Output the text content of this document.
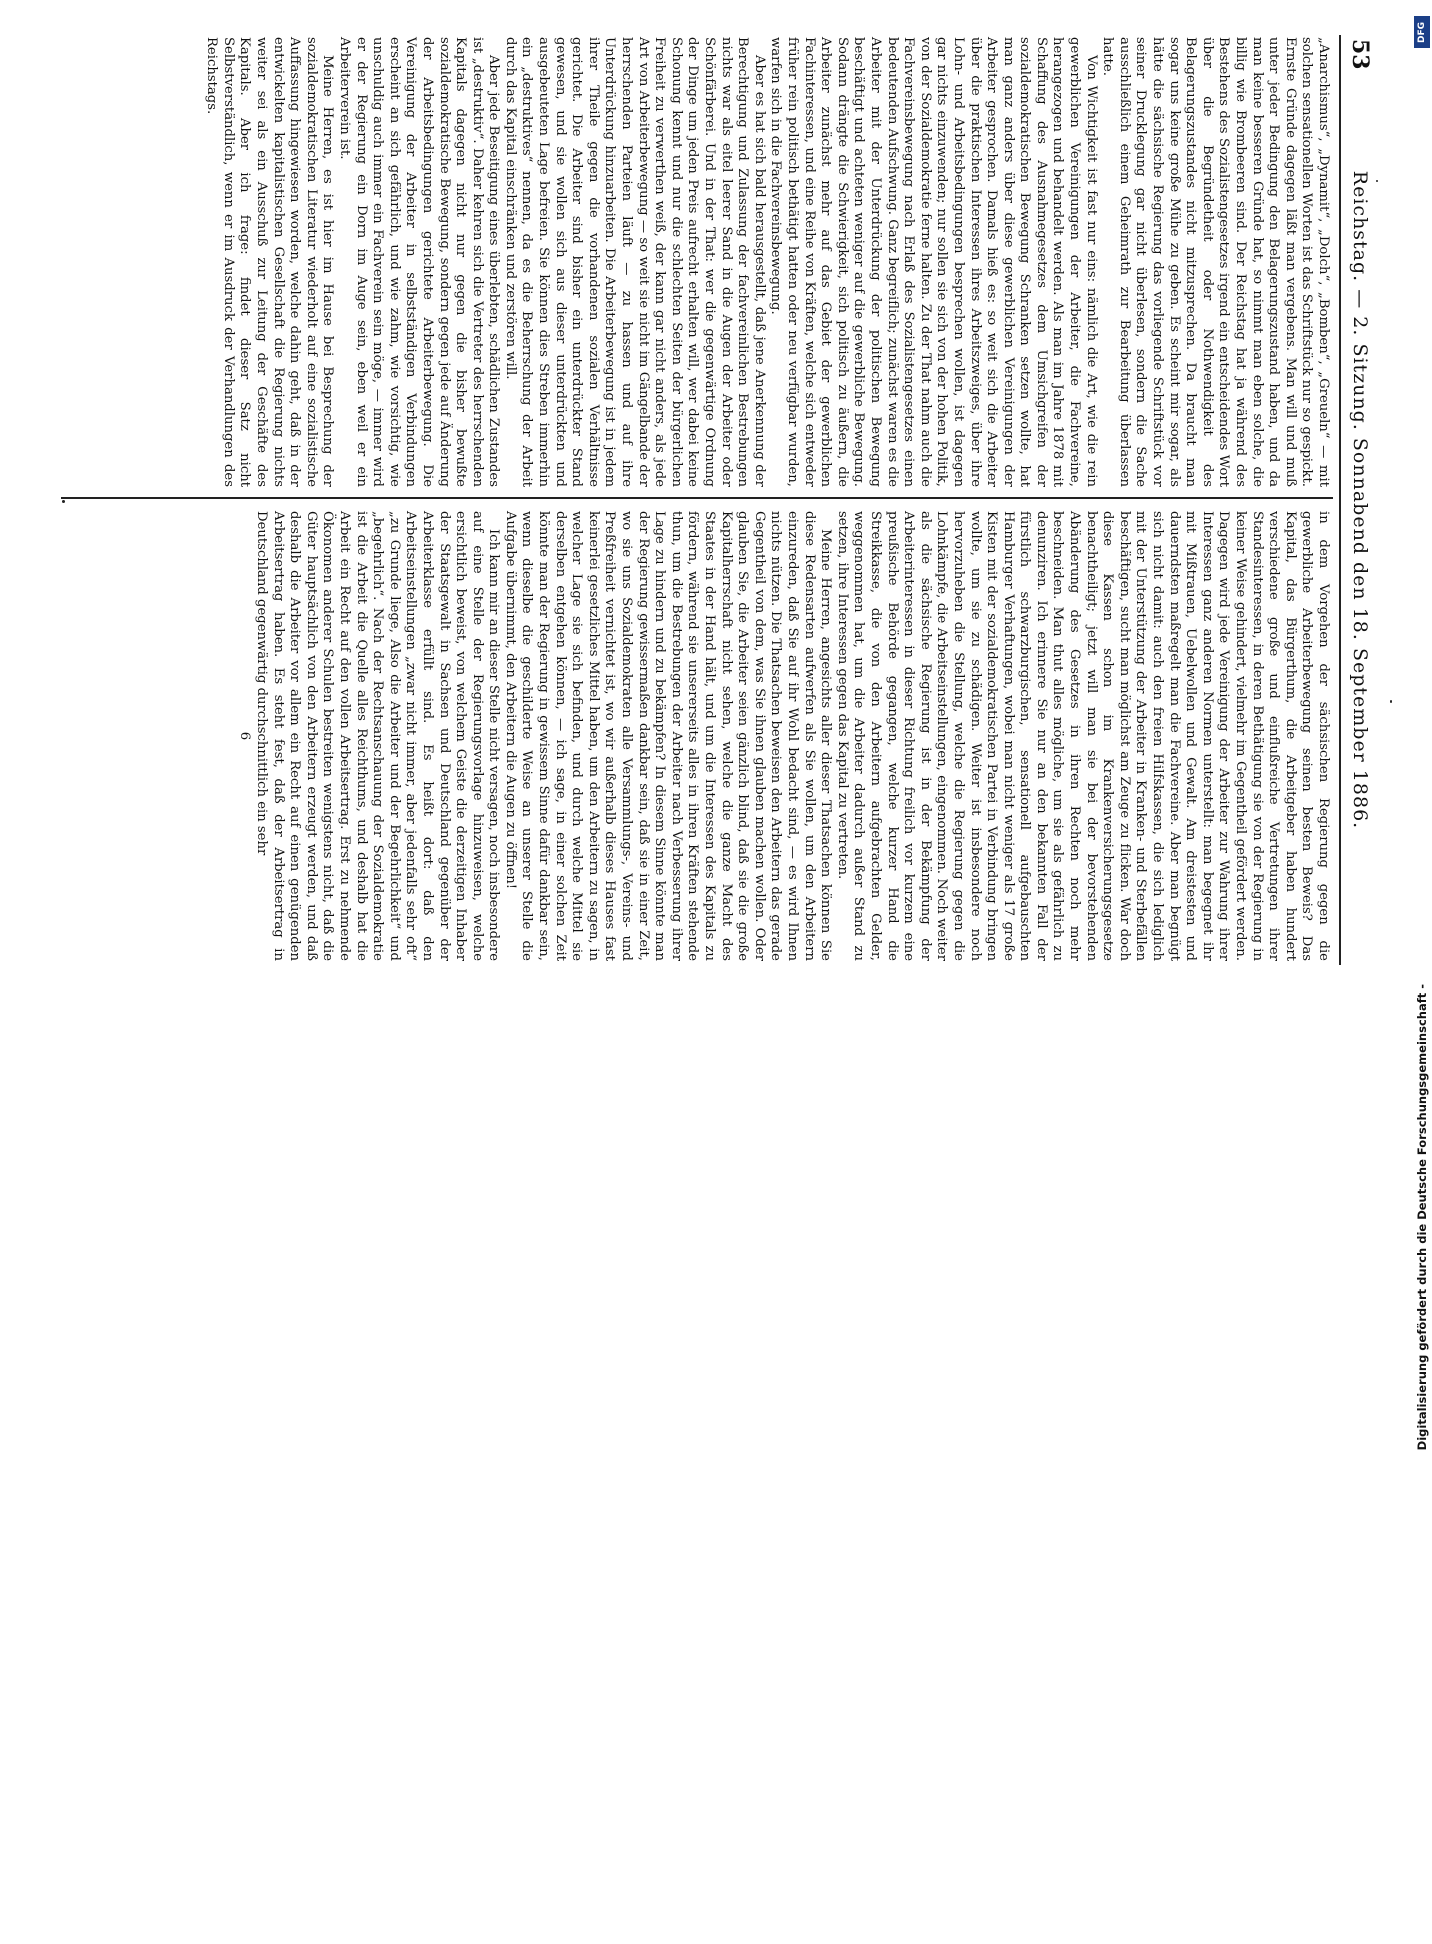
53
Reichstag. — 2. Sitzung. Sonnabend den 18. September 1886.

„Anarchismus“, „Dynamit“, „Dolch“, „Bomben“, „Greueln“ — mit solchen sensationellen Worten ist das Schriftstück nur so gespickt. Ernste Gründe dagegen läßt man vergebens. Man will und muß unter jeder Bedingung den Belagerungszustand haben, und da man keine besseren Gründe hat, so nimmt man eben solche, die billig wie Brombeeren sind. Der Reichstag hat ja während des Bestehens des Sozialistengesetzes irgend ein entscheidendes Wort über die Begründetheit oder Nothwendigkeit des Belagerungszustandes nicht mitzusprechen. Da braucht man sogar uns keine große Mühe zu geben. Es scheint mir sogar, als hätte die sächsische Regierung das vorliegende Schriftstück vor seiner Drucklegung gar nicht überlesen, sondern die Sache ausschließlich einem Geheimrath zur Bearbeitung überlassen hatte.

Von Wichtigkeit ist fast nur eins: nämlich die Art, wie die rein gewerblichen Vereinigungen der Arbeiter, die Fachvereine, herangezogen und behandelt werden. Als man im Jahre 1878 mit Schaffung des Ausnahmegesetzes dem Umsichgreifen der sozialdemokratischen Bewegung Schranken setzen wollte, hat man ganz anders über diese gewerblichen Vereinigungen der Arbeiter gesprochen. Damals hieß es: so weit sich die Arbeiter über die praktischen Interessen ihres Arbeitszweiges, über ihre Lohn- und Arbeitsbedingungen besprechen wollen, ist dagegen gar nichts einzuwenden; nur sollen sie sich von der hohen Politik, von der Sozialdemokratie ferne halten. Zu der That nahm auch die Fachvereinsbewegung nach Erlaß des Sozialistengesetzes einen bedeutenden Aufschwung. Ganz begreiflich; zunächst waren es die Arbeiter mit der Unterdrückung der politischen Bewegung beschäftigt und achteten weniger auf die gewerbliche Bewegung. Sodann drängte die Schwierigkeit, sich politisch zu äußern, die Arbeiter zunächst mehr auf das Gebiet der gewerblichen Fachinteressen, und eine Reihe von Kräften, welche sich entweder früher rein politisch bethätigt hatten oder neu verfügbar wurden, warfen sich in die Fachvereinsbewegung.

Aber es hat sich bald herausgestellt, daß jene Anerkennung der Berechtigung und Zulassung der fachvereinlichen Bestrebungen nichts war als eitel leerer Sand in die Augen der Arbeiter oder Schönfärberei. Und in der That: wer die gegenwärtige Ordnung der Dinge um jeden Preis aufrecht erhalten will, wer dabei keine Schonung kennt und nur die schlechten Seiten der bürgerlichen Freiheit zu verwerthen weiß, der kann gar nicht anders, als jede Art von Arbeiterbewegung — so weit sie nicht im Gängelbande der herrschenden Parteien läuft — zu hassen und auf ihre Unterdrückung hinzuarbeiten. Die Arbeiterbewegung ist in jedem ihrer Theile gegen die vorhandenen sozialen Verhältnisse gerichtet. Die Arbeiter sind bisher ein unterdrückter Stand gewesen, und sie wollen sich aus dieser unterdrückten und ausgebeuteten Lage befreien. Sie können dies Streben immerhin ein „destruktives“ nennen, da es die Beherrschung der Arbeit durch das Kapital einschränken und zerstören will.

Aber jede Beseitigung eines überlebten, schädlichen Zustandes ist „destruktiv“. Daher kehren sich die Vertreter des herrschenden Kapitals dagegen nicht nur gegen die bisher bewußte sozialdemokratische Bewegung, sondern gegen jede auf Änderung der Arbeitsbedingungen gerichtete Arbeiterbewegung. Die Vereinigung der Arbeiter in selbstständigen Verbindungen erscheint an sich gefährlich, und wie zahm, wie vorsichtig, wie unschuldig auch immer ein Fachverein sein möge, — immer wird er der Regierung ein Dorn im Auge sein, eben weil er ein Arbeiterverein ist.

Meine Herren, es ist hier im Hause bei Besprechung der sozialdemokratischen Literatur wiederholt auf eine sozialistische Auffassung hingewiesen worden, welche dahin geht, daß in der entwickelten kapitalistischen Gesellschaft die Regierung nichts weiter sei als ein Ausschuß zur Leitung der Geschäfte des Kapitals. Aber ich frage: findet dieser Satz nicht Selbstverständlich, wenn er im Ausdruck der Verhandlungen des Reichstags.

in dem Vorgehen der sächsischen Regierung gegen die gewerbliche Arbeiterbewegung seinen besten Beweis? Das Kapital, das Bürgerthum, die Arbeitgeber haben hundert verschiedene große und einflußreiche Vertretungen ihrer Standesinteressen, in deren Bethätigung sie von der Regierung in keiner Weise gehindert, vielmehr im Gegentheil gefördert werden. Dagegen wird jede Vereinigung der Arbeiter zur Wahrung ihrer Interessen ganz anderen Normen unterstellt: man begegnet ihr mit Mißtrauen, Uebelwollen und Gewalt. Am dreistesten und dauerndsten maßregelt man die Fachvereine. Aber man begnügt sich nicht damit: auch den freien Hilfskassen, die sich lediglich mit der Unterstützung der Arbeiter in Kranken- und Sterbefällen beschäftigen, sucht man möglichst am Zeuge zu flicken. War doch diese Kassen schon im Krankenversicherungsgesetze benachtheiligt; jetzt will man sie bei der bevorstehenden Abänderung des Gesetzes in ihren Rechten noch mehr beschneiden. Man thut alles mögliche, um sie als gefährlich zu denunziren. Ich erinnere Sie nur an den bekannten Fall der fürstlich schwarzburgischen, sensationell aufgebauschten Hamburger Verhaftungen, wobei man nicht weniger als 17 große Kisten mit der sozialdemokratischen Partei in Verbindung bringen wollte, um sie zu schädigen. Weiter ist insbesondere noch hervorzuheben die Stellung, welche die Regierung gegen die Lohnkämpfe, die Arbeitseinstellungen, eingenommen. Noch weiter als die sächsische Regierung ist in der Bekämpfung der Arbeiterinteressen in dieser Richtung freilich vor kurzem eine preußische Behörde gegangen, welche kurzer Hand die Streikkasse, die von den Arbeitern aufgebrachten Gelder, weggenommen hat, um die Arbeiter dadurch außer Stand zu setzen, ihre Interessen gegen das Kapital zu vertreten.

Meine Herren, angesichts aller dieser Thatsachen können Sie diese Redensarten aufwerfen als Sie wollen, um den Arbeitern einzureden, daß Sie auf ihr Wohl bedacht sind, — es wird Ihnen nichts nützen. Die Thatsachen beweisen den Arbeitern das gerade Gegentheil von dem, was Sie ihnen glauben machen wollen. Oder glauben Sie, die Arbeiter seien gänzlich blind, daß sie die große Kapitalherrschaft nicht sehen, welche die ganze Macht des Staates in der Hand hält, und um die Interessen des Kapitals zu fördern, während sie unsererseits alles in ihren Kräften stehende thun, um die Bestrebungen der Arbeiter nach Verbesserung ihrer Lage zu hindern und zu bekämpfen? In diesem Sinne könnte man der Regierung gewissermaßen dankbar sein, daß sie in einer Zeit, wo sie uns Sozialdemokraten alle Versammlungs-, Vereins- und Preßfreiheit vernichtet ist, wo wir außerhalb dieses Hauses fast keinerlei gesetzliches Mittel haben, um den Arbeitern zu sagen, in welcher Lage sie sich befinden, und durch welche Mittel sie derselben entgehen können, — ich sage, in einer solchen Zeit könnte man der Regierung in gewissem Sinne dafür dankbar sein, wenn dieselbe die geschilderte Weise an unserer Stelle die Aufgabe übernimmt, den Arbeitern die Augen zu öffnen!

Ich kann mir an dieser Stelle nicht versagen, noch insbesondere auf eine Stelle der Regierungsvorlage hinzuweisen, welche ersichtlich beweist, von welchem Geiste die derzeitigen Inhaber der Staatsgewalt in Sachsen und Deutschland gegenüber der Arbeiterklasse erfüllt sind. Es heißt dort: daß den Arbeitseinstellungen „zwar nicht immer, aber jedenfalls sehr oft“ „zu Grunde liege, Also die Arbeiter und der Begehrlichkeit“ und „begehrlich“. Nach der Rechtsanschauung der Sozialdemokratie ist die Arbeit die Quelle alles Reichthums, und deshalb hat die Arbeit ein Recht auf den vollen Arbeitsertrag. Erst zu nehmende Ökonomen anderer Schulen bestreiten wenigstens nicht, daß die Güter hauptsächlich von den Arbeitern erzeugt werden, und daß deshalb die Arbeiter vor allem ein Recht auf einen genügenden Arbeitsertrag haben. Es steht fest, daß der Arbeitsertrag in Deutschland gegenwärtig durchschnittlich ein sehr

6

Digitalisierung gefördert durch die Deutsche Forschungsgemeinschaft -
DFG
